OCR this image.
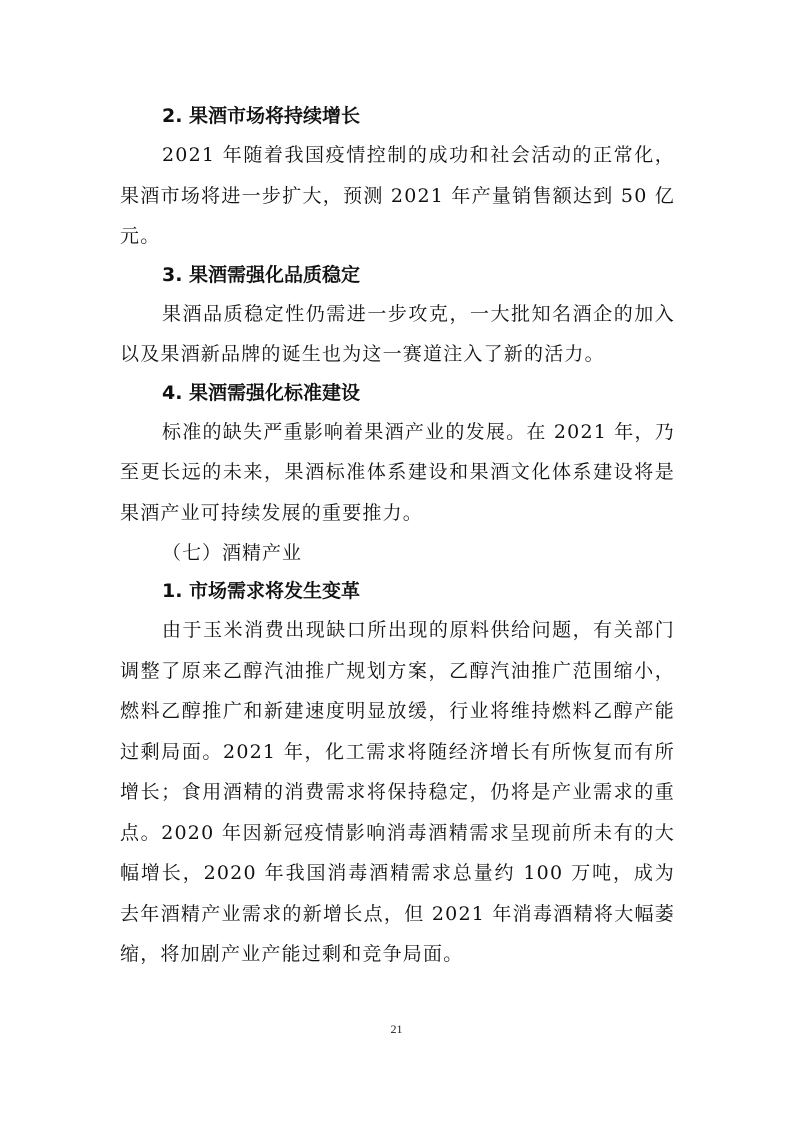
2. 果酒市场将持续增长

2021 年随着我国疫情控制的成功和社会活动的正常化，果酒市场将进一步扩大，预测 2021 年产量销售额达到 50 亿元。

3. 果酒需强化品质稳定

果酒品质稳定性仍需进一步攻克，一大批知名酒企的加入以及果酒新品牌的诞生也为这一赛道注入了新的活力。

4. 果酒需强化标准建设

标准的缺失严重影响着果酒产业的发展。在 2021 年，乃至更长远的未来，果酒标准体系建设和果酒文化体系建设将是果酒产业可持续发展的重要推力。

（七）酒精产业
1. 市场需求将发生变革

由于玉米消费出现缺口所出现的原料供给问题，有关部门调整了原来乙醇汽油推广规划方案，乙醇汽油推广范围缩小，燃料乙醇推广和新建速度明显放缓，行业将维持燃料乙醇产能过剩局面。2021 年，化工需求将随经济增长有所恢复而有所增长；食用酒精的消费需求将保持稳定，仍将是产业需求的重点。2020 年因新冠疫情影响消毒酒精需求呈现前所未有的大幅增长，2020 年我国消毒酒精需求总量约 100 万吨，成为去年酒精产业需求的新增长点，但 2021 年消毒酒精将大幅萎缩，将加剧产业产能过剩和竞争局面。

21
